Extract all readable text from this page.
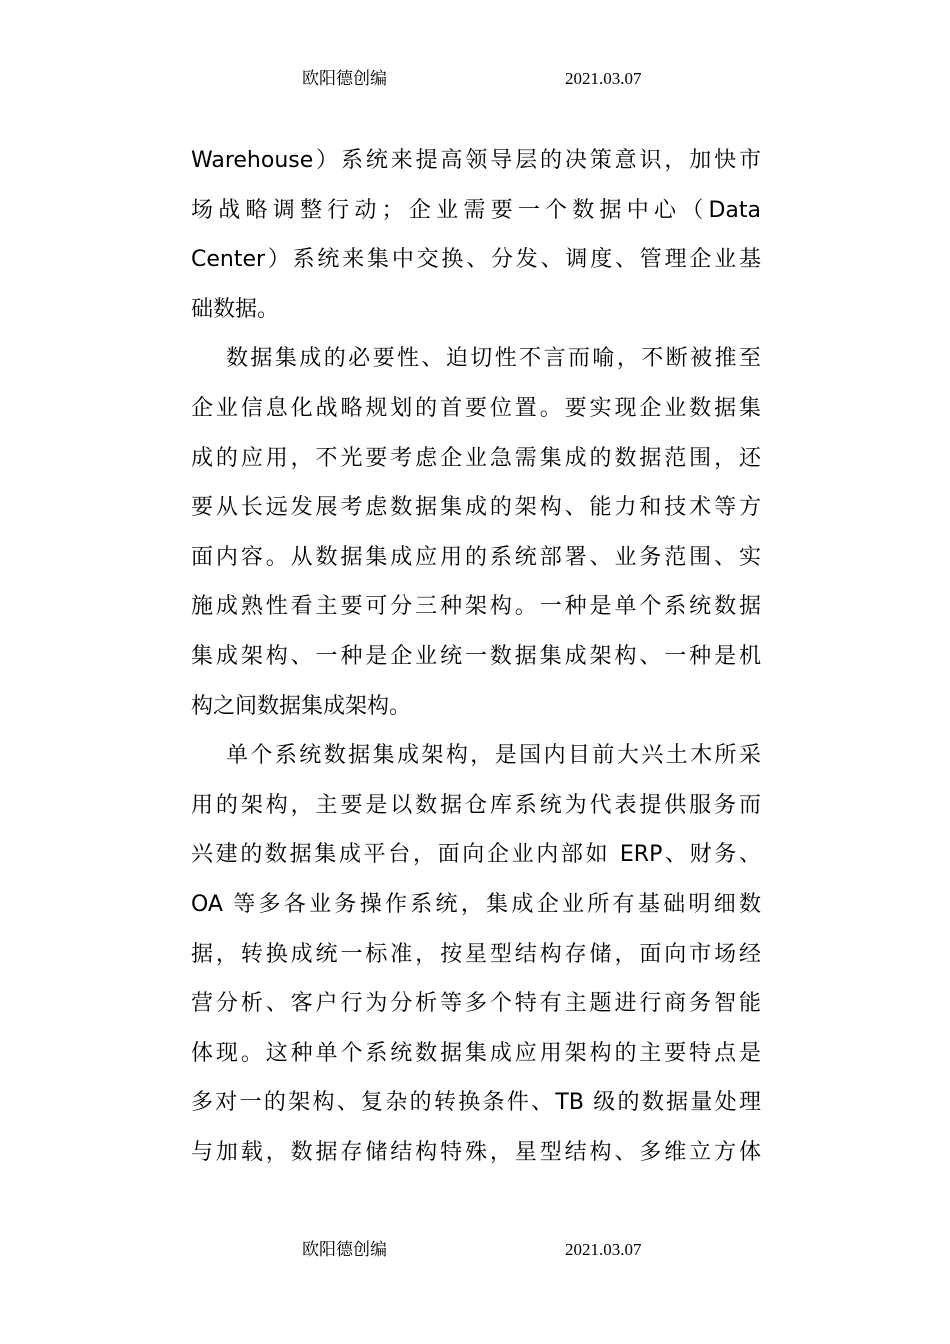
欧阳德创编	2021.03.07
Warehouse）系统来提高领导层的决策意识，加快市
场战略调整行动；企业需要一个数据中心（Data
Center）系统来集中交换、分发、调度、管理企业基
础数据。
数据集成的必要性、迫切性不言而喻，不断被推至
企业信息化战略规划的首要位置。要实现企业数据集
成的应用，不光要考虑企业急需集成的数据范围，还
要从长远发展考虑数据集成的架构、能力和技术等方
面内容。从数据集成应用的系统部署、业务范围、实
施成熟性看主要可分三种架构。一种是单个系统数据
集成架构、一种是企业统一数据集成架构、一种是机
构之间数据集成架构。
单个系统数据集成架构，是国内目前大兴土木所采
用的架构，主要是以数据仓库系统为代表提供服务而
兴建的数据集成平台，面向企业内部如 ERP、财务、
OA 等多各业务操作系统，集成企业所有基础明细数
据，转换成统一标准，按星型结构存储，面向市场经
营分析、客户行为分析等多个特有主题进行商务智能
体现。这种单个系统数据集成应用架构的主要特点是
多对一的架构、复杂的转换条件、TB 级的数据量处理
与加载，数据存储结构特殊，星型结构、多维立方体
欧阳德创编	2021.03.07
